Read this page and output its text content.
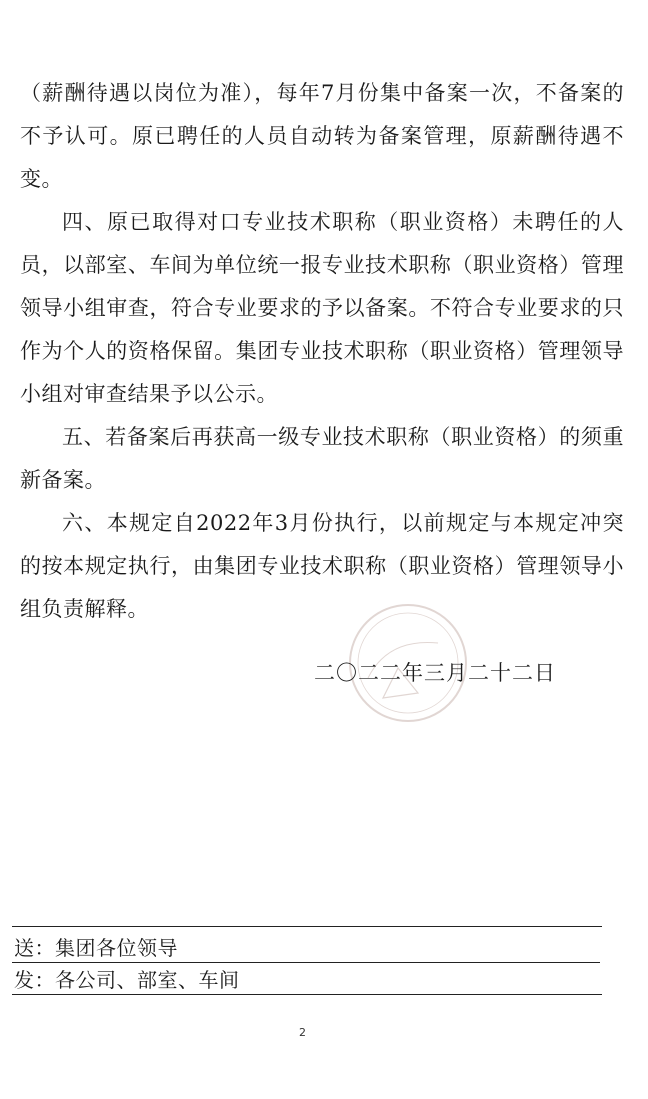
（薪酬待遇以岗位为准），每年7月份集中备案一次，不备案的不予认可。原已聘任的人员自动转为备案管理，原薪酬待遇不变。

四、原已取得对口专业技术职称（职业资格）未聘任的人员，以部室、车间为单位统一报专业技术职称（职业资格）管理领导小组审查，符合专业要求的予以备案。不符合专业要求的只作为个人的资格保留。集团专业技术职称（职业资格）管理领导小组对审查结果予以公示。

五、若备案后再获高一级专业技术职称（职业资格）的须重新备案。

六、本规定自2022年3月份执行，以前规定与本规定冲突的按本规定执行，由集团专业技术职称（职业资格）管理领导小组负责解释。

二〇二二年三月二十二日
送：集团各位领导
发：各公司、部室、车间
2
